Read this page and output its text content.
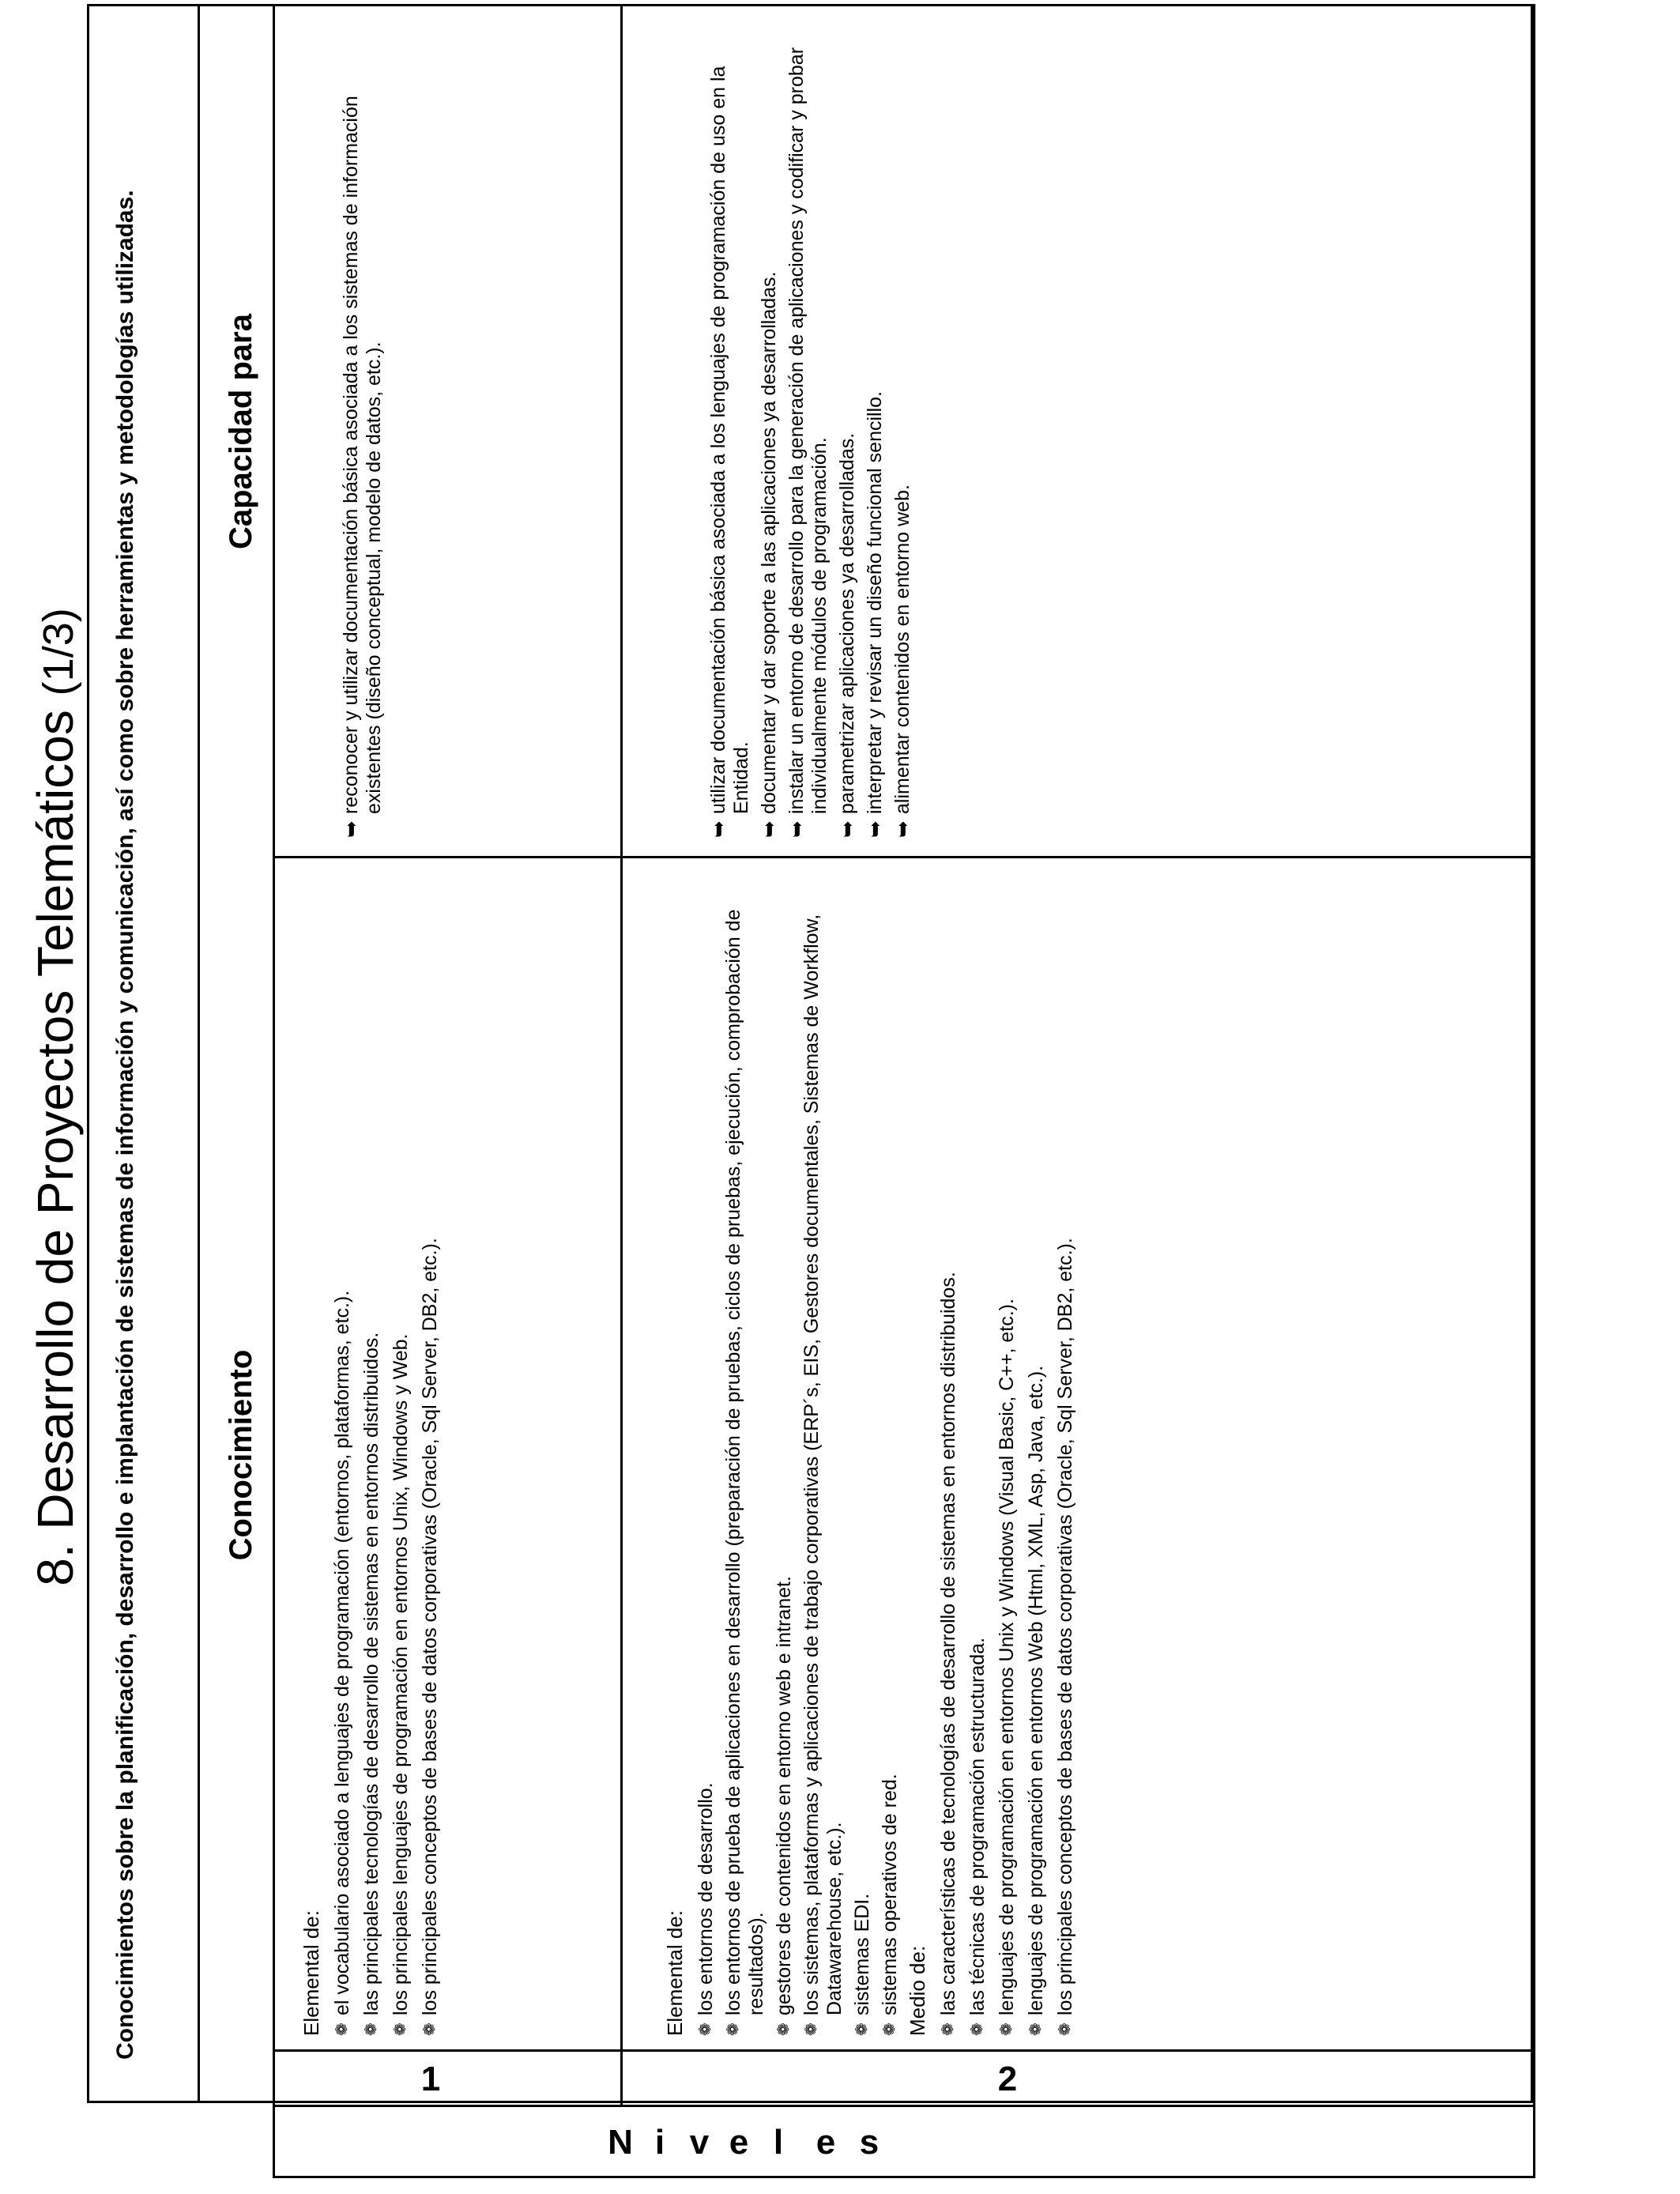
8. Desarrollo de Proyectos Telemáticos (1/3) Conocimientos sobre la planificación, desarrollo e implantación de sistemas de información y comunicación, así como sobre herramientas y metodologías utilizadas.	Conocimiento
Capacidad para
N i v e l e s
1	2

Elemental de: ❁
el vocabulario asociado a lenguajes de programación (entornos, plataformas, etc.).
❁
las principales tecnologías de desarrollo de sistemas en entornos distribuidos.
❁
los principales lenguajes de programación en entornos Unix, Windows y Web.
❁
los principales conceptos de bases de datos corporativas (Oracle, Sql Server, DB2, etc.).
➥
reconocer y utilizar documentación básica asociada a los sistemas de información existentes (diseño conceptual, modelo de datos, etc.).

Elemental de: ❁
los entornos de desarrollo.
❁
los entornos de prueba de aplicaciones en desarrollo (preparación de pruebas, ciclos de pruebas, ejecución, comprobación de resultados).
❁
gestores de contenidos en entorno web e intranet.
❁
los sistemas, plataformas y aplicaciones de trabajo corporativas (ERP´s, EIS, Gestores documentales, Sistemas de Workflow, Datawarehouse, etc.).
❁
sistemas EDI.
❁
sistemas operativos de red. Medio de: ❁
las características de tecnologías de desarrollo de sistemas en entornos distribuidos.
❁
las técnicas de programación estructurada.
❁
lenguajes de programación en entornos Unix y Windows (Visual Basic, C++, etc.).
❁
lenguajes de programación en entornos Web (Html, XML, Asp, Java, etc.).
❁
los principales conceptos de bases de datos corporativas (Oracle, Sql Server, DB2, etc.).
➥
utilizar documentación básica asociada a los lenguajes de programación de uso en la Entidad.
➥
documentar y dar soporte a las aplicaciones ya desarrolladas.
➥
instalar un entorno de desarrollo para la generación de aplicaciones y codificar y probar individualmente módulos de programación.
➥
parametrizar aplicaciones ya desarrolladas.
➥
interpretar y revisar un diseño funcional sencillo.
➥
alimentar contenidos en entorno web.
